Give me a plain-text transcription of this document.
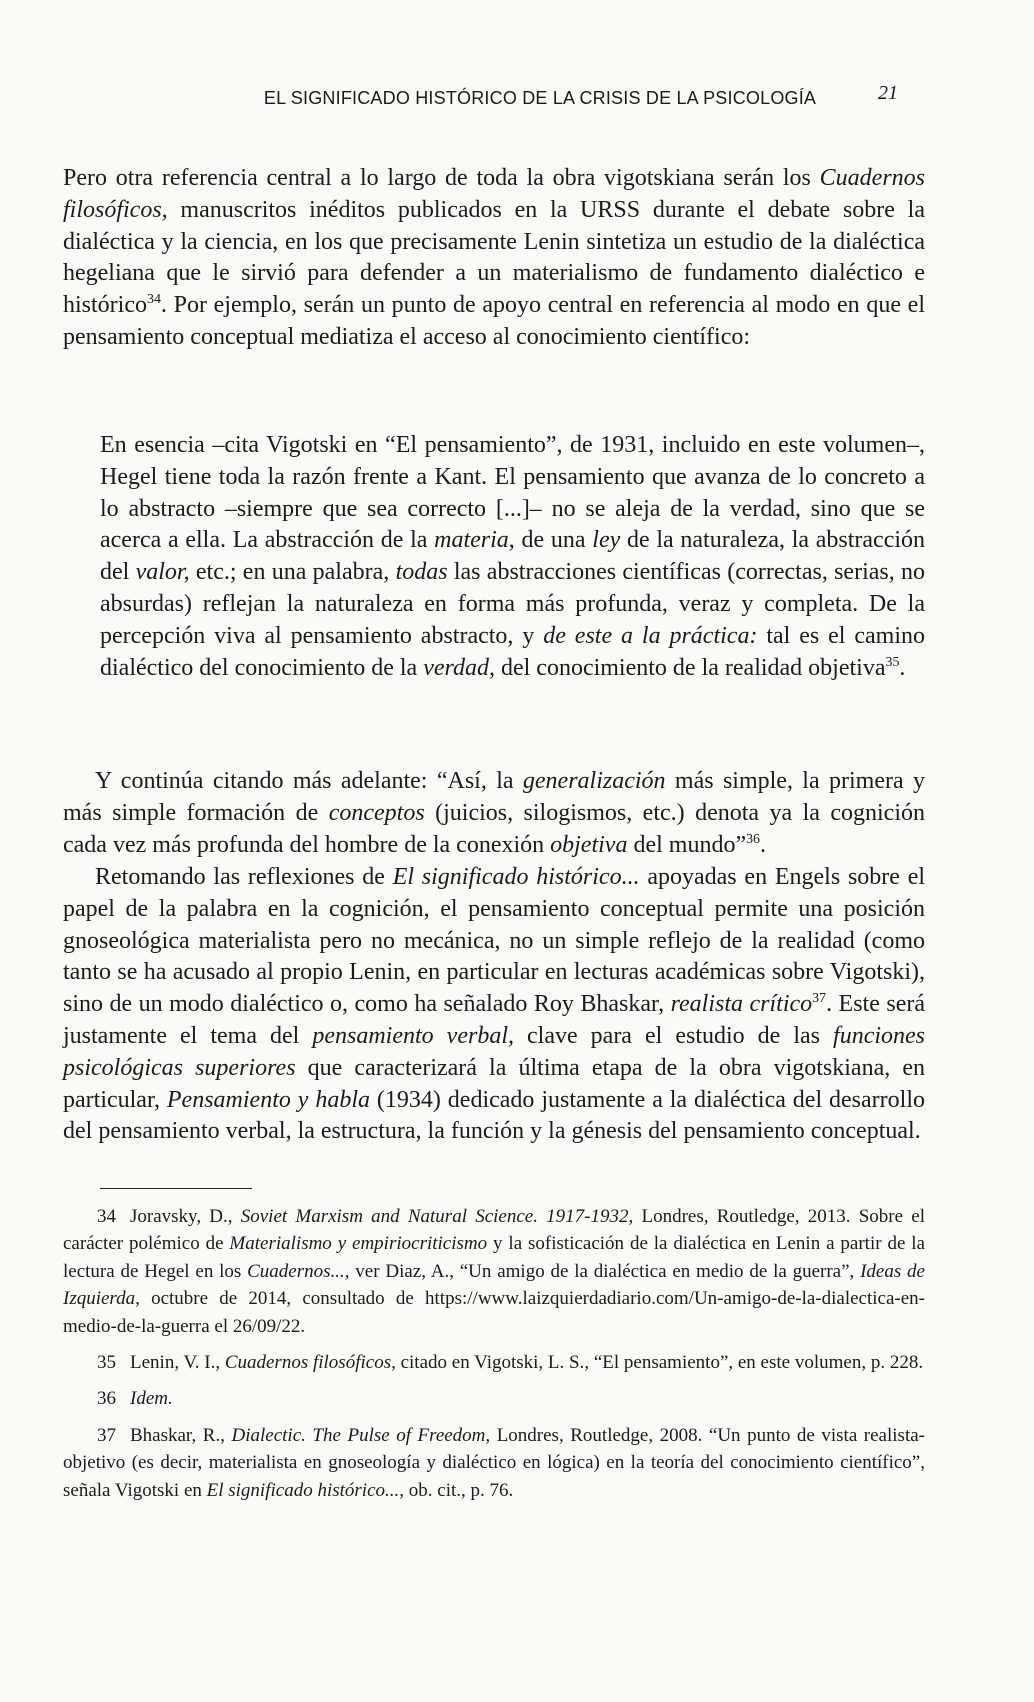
EL SIGNIFICADO HISTÓRICO DE LA CRISIS DE LA PSICOLOGÍA	21

Pero otra referencia central a lo largo de toda la obra vigotskiana serán los Cuadernos filosóficos, manuscritos inéditos publicados en la URSS durante el debate sobre la dialéctica y la ciencia, en los que precisamente Lenin sintetiza un estudio de la dialéctica hegeliana que le sirvió para defender a un materialismo de fundamento dialéctico e histórico$^{34}$. Por ejemplo, serán un punto de apoyo central en referencia al modo en que el pensamiento conceptual mediatiza el acceso al conocimiento científico:

En esencia –cita Vigotski en “El pensamiento”, de 1931, incluido en este volumen–, Hegel tiene toda la razón frente a Kant. El pensamiento que avanza de lo concreto a lo abstracto –siempre que sea correcto [...]– no se aleja de la verdad, sino que se acerca a ella. La abstracción de la materia, de una ley de la naturaleza, la abstracción del valor, etc.; en una palabra, todas las abstracciones científicas (correctas, serias, no absurdas) reflejan la naturaleza en forma más profunda, veraz y completa. De la percepción viva al pensamiento abstracto, y de este a la práctica: tal es el camino dialéctico del conocimiento de la verdad, del conocimiento de la realidad objetiva$^{35}$.

Y continúa citando más adelante: “Así, la generalización más simple, la primera y más simple formación de conceptos (juicios, silogismos, etc.) denota ya la cognición cada vez más profunda del hombre de la conexión objetiva del mundo”$^{36}$.

Retomando las reflexiones de El significado histórico... apoyadas en Engels sobre el papel de la palabra en la cognición, el pensamiento conceptual permite una posición gnoseológica materialista pero no mecánica, no un simple reflejo de la realidad (como tanto se ha acusado al propio Lenin, en particular en lecturas académicas sobre Vigotski), sino de un modo dialéctico o, como ha señalado Roy Bhaskar, realista crítico$^{37}$. Este será justamente el tema del pensamiento verbal, clave para el estudio de las funciones psicológicas superiores que caracterizará la última etapa de la obra vigotskiana, en particular, Pensamiento y habla (1934) dedicado justamente a la dialéctica del desarrollo del pensamiento verbal, la estructura, la función y la génesis del pensamiento conceptual.

34 Joravsky, D., Soviet Marxism and Natural Science. 1917-1932, Londres, Routledge, 2013. Sobre el carácter polémico de Materialismo y empiriocriticismo y la sofisticación de la dialéctica en Lenin a partir de la lectura de Hegel en los Cuadernos..., ver Diaz, A., “Un amigo de la dialéctica en medio de la guerra”, Ideas de Izquierda, octubre de 2014, consultado de https://www.laizquierdadiario.com/Un-amigo-de-la-dialectica-en-medio-de-la-guerra el 26/09/22.

35 Lenin, V. I., Cuadernos filosóficos, citado en Vigotski, L. S., “El pensamiento”, en este volumen, p. 228.

36 Idem.

37 Bhaskar, R., Dialectic. The Pulse of Freedom, Londres, Routledge, 2008. “Un punto de vista realista-objetivo (es decir, materialista en gnoseología y dialéctico en lógica) en la teoría del conocimiento científico”, señala Vigotski en El significado histórico..., ob. cit., p. 76.
